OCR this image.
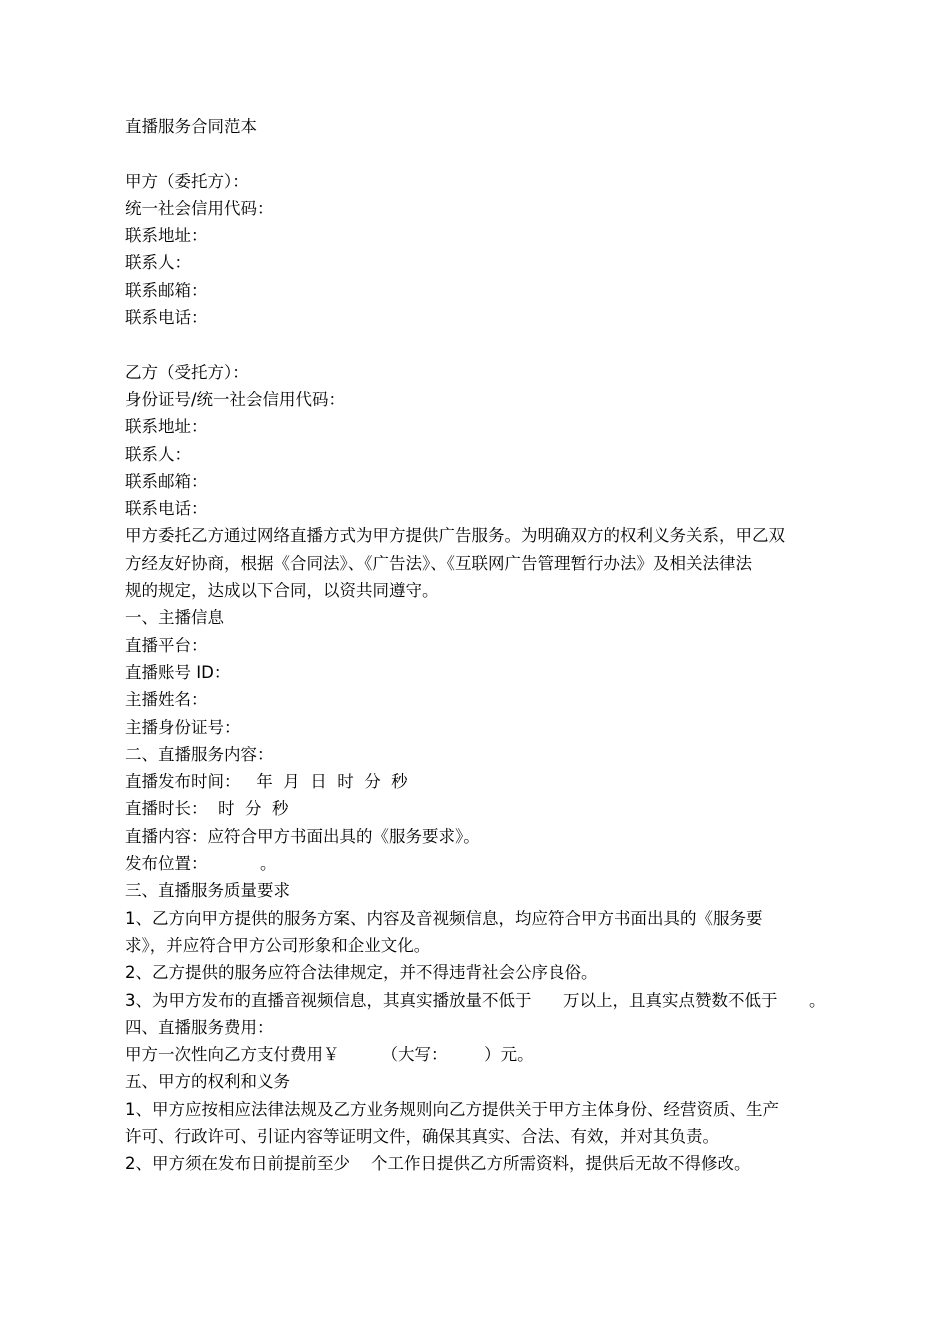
直播服务合同范本
甲方（委托方）：
统一社会信用代码：
联系地址：
联系人：
联系邮箱：
联系电话：
乙方（受托方）：
身份证号/统一社会信用代码：
联系地址：
联系人：
联系邮箱：
联系电话：
甲方委托乙方通过网络直播方式为甲方提供广告服务。为明确双方的权利义务关系，甲乙双
方经友好协商，根据《合同法》、《广告法》、《互联网广告管理暂行办法》及相关法律法
规的规定，达成以下合同，以资共同遵守。
一、主播信息
直播平台：
直播账号 ID：
主播姓名：
主播身份证号：
二、直播服务内容：
直播发布时间：   年  月  日  时  分  秒
直播时长：  时  分  秒
直播内容：应符合甲方书面出具的《服务要求》。
发布位置：          。
三、直播服务质量要求
1、乙方向甲方提供的服务方案、内容及音视频信息，均应符合甲方书面出具的《服务要
求》，并应符合甲方公司形象和企业文化。
2、乙方提供的服务应符合法律规定，并不得违背社会公序良俗。
3、为甲方发布的直播音视频信息，其真实播放量不低于      万以上，且真实点赞数不低于      。
四、直播服务费用：
甲方一次性向乙方支付费用￥        （大写：       ）元。
五、甲方的权利和义务
1、甲方应按相应法律法规及乙方业务规则向乙方提供关于甲方主体身份、经营资质、生产
许可、行政许可、引证内容等证明文件，确保其真实、合法、有效，并对其负责。
2、甲方须在发布日前提前至少    个工作日提供乙方所需资料，提供后无故不得修改。
